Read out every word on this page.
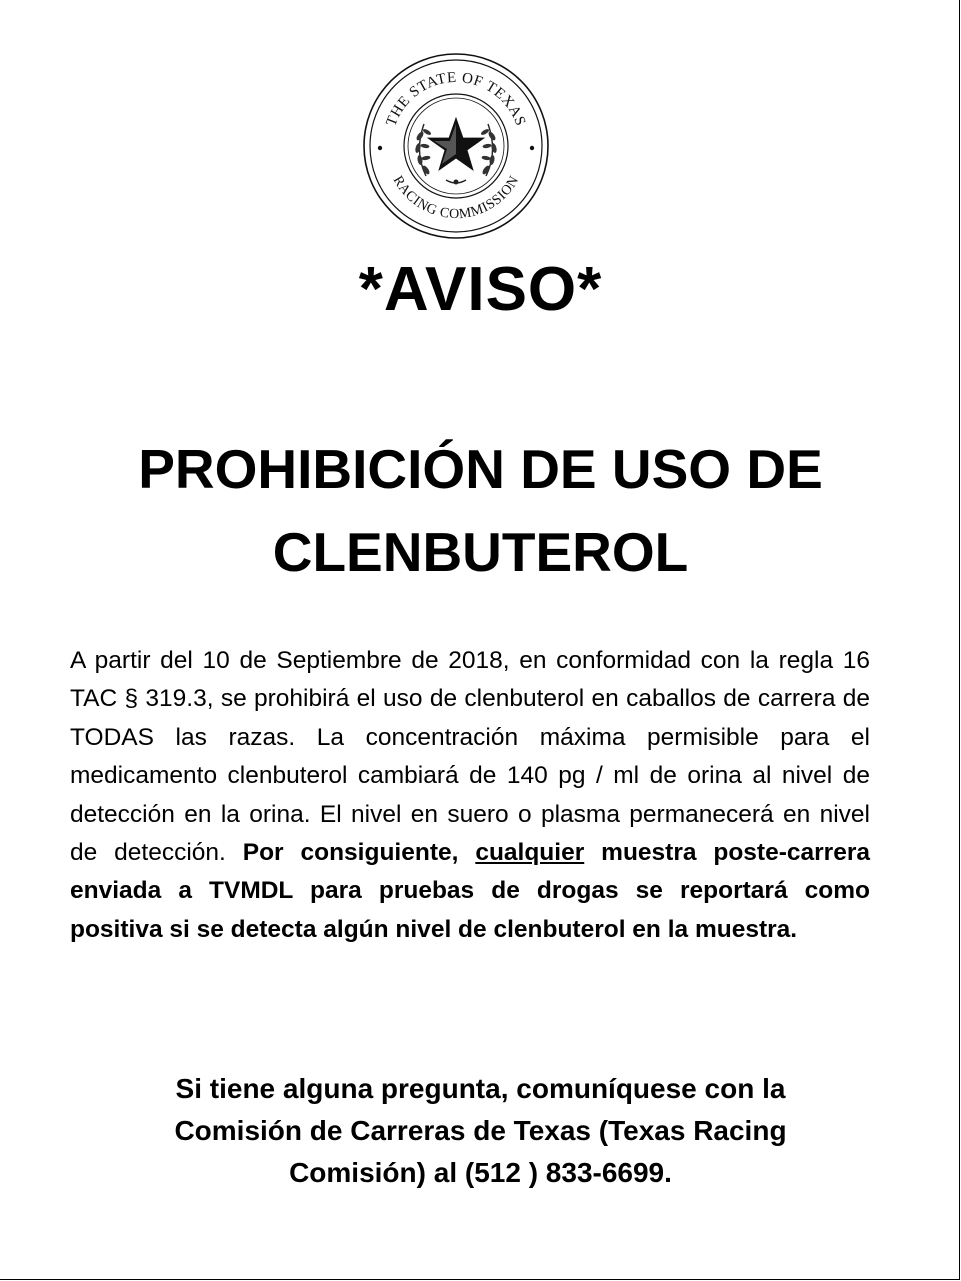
THE STATE OF TEXAS
RACING COMMISSION
*AVISO*
PROHIBICIÓN DE USO DE
CLENBUTEROL
A partir del 10 de Septiembre de 2018, en conformidad con la regla 16 TAC § 319.3, se prohibirá el uso de clenbuterol en caballos de carrera de TODAS las razas. La concentración máxima permisible para el medicamento clenbuterol cambiará de 140 pg / ml de orina al nivel de detección en la orina. El nivel en suero o plasma permanecerá en nivel de detección. Por consiguiente, cualquier muestra poste-carrera enviada a TVMDL para pruebas de drogas se reportará como positiva si se detecta algún nivel de clenbuterol en la muestra.
Si tiene alguna pregunta, comuníquese con la
Comisión de Carreras de Texas (Texas Racing
Comisión) al (512 ) 833-6699.
